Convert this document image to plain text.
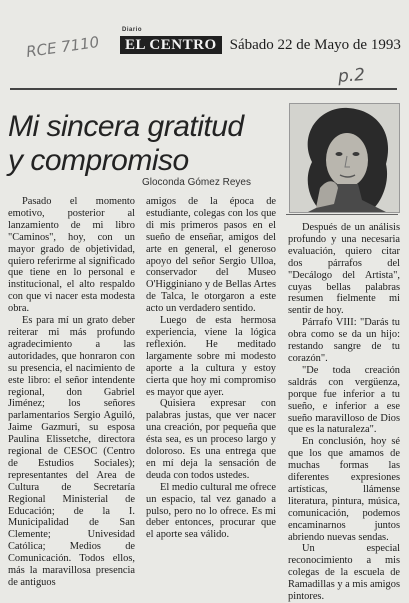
RCE 7110
p.2
Diario
EL CENTRO Sábado 22 de Mayo de 1993
Mi sincera gratitud
y compromiso
Gloconda Gómez Reyes

Pasado el momento emotivo, posterior al lanzamiento de mi libro "Caminos", hoy, con un mayor grado de objetividad, quiero referirme al significado que tiene en lo personal e institucional, el alto respaldo con que vi nacer esta modesta obra.

Es para mí un grato deber reiterar mi más profundo agradecimiento a las autoridades, que honraron con su presencia, el nacimiento de este libro: el señor intendente regional, don Gabriel Jiménez; los señores parlamentarios Sergio Aguiló, Jaime Gazmuri, su esposa Paulina Elissetche, directora regional de CESOC (Centro de Estudios Sociales); representantes del Area de Cultura de Secretaría Regional Ministerial de Educación; de la I. Municipalidad de San Clemente; Univesidad Católica; Medios de Comunicación. Todos ellos, más la maravillosa presencia de antiguos

amigos de la época de estudiante, colegas con los que di mis primeros pasos en el sueño de enseñar, amigos del arte en general, el generoso apoyo del señor Sergio Ulloa, conservador del Museo O'Higginiano y de Bellas Artes de Talca, le otorgaron a este acto un verdadero sentido.

Luego de esta hermosa experiencia, viene la lógica reflexión. He meditado largamente sobre mi modesto aporte a la cultura y estoy cierta que hoy mi compromiso es mayor que ayer.

Quisiera expresar con palabras justas, que ver nacer una creación, por pequeña que ésta sea, es un proceso largo y doloroso. Es una entrega que en mí deja la sensación de deuda con todos ustedes.

El medio cultural me ofrece un espacio, tal vez ganado a pulso, pero no lo ofrece. Es mi deber entonces, procurar que el aporte sea válido.

Después de un análisis profundo y una necesaria evaluación, quiero citar dos párrafos del "Decálogo del Artista", cuyas bellas palabras resumen fielmente mi sentir de hoy.

Párrafo VIII: "Darás tu obra como se da un hijo: restando sangre de tu corazón".

"De toda creación saldrás con vergüenza, porque fue inferior a tu sueño, e inferior a ese sueño maravilloso de Dios que es la naturaleza".

En conclusión, hoy sé que los que amamos de muchas formas las diferentes expresiones artísticas, llámense literatura, pintura, música, comunicación, podemos encaminarnos juntos abriendo nuevas sendas.

Un especial reconocimiento a mis colegas de la escuela de Ramadillas y a mis amigos pintores.
